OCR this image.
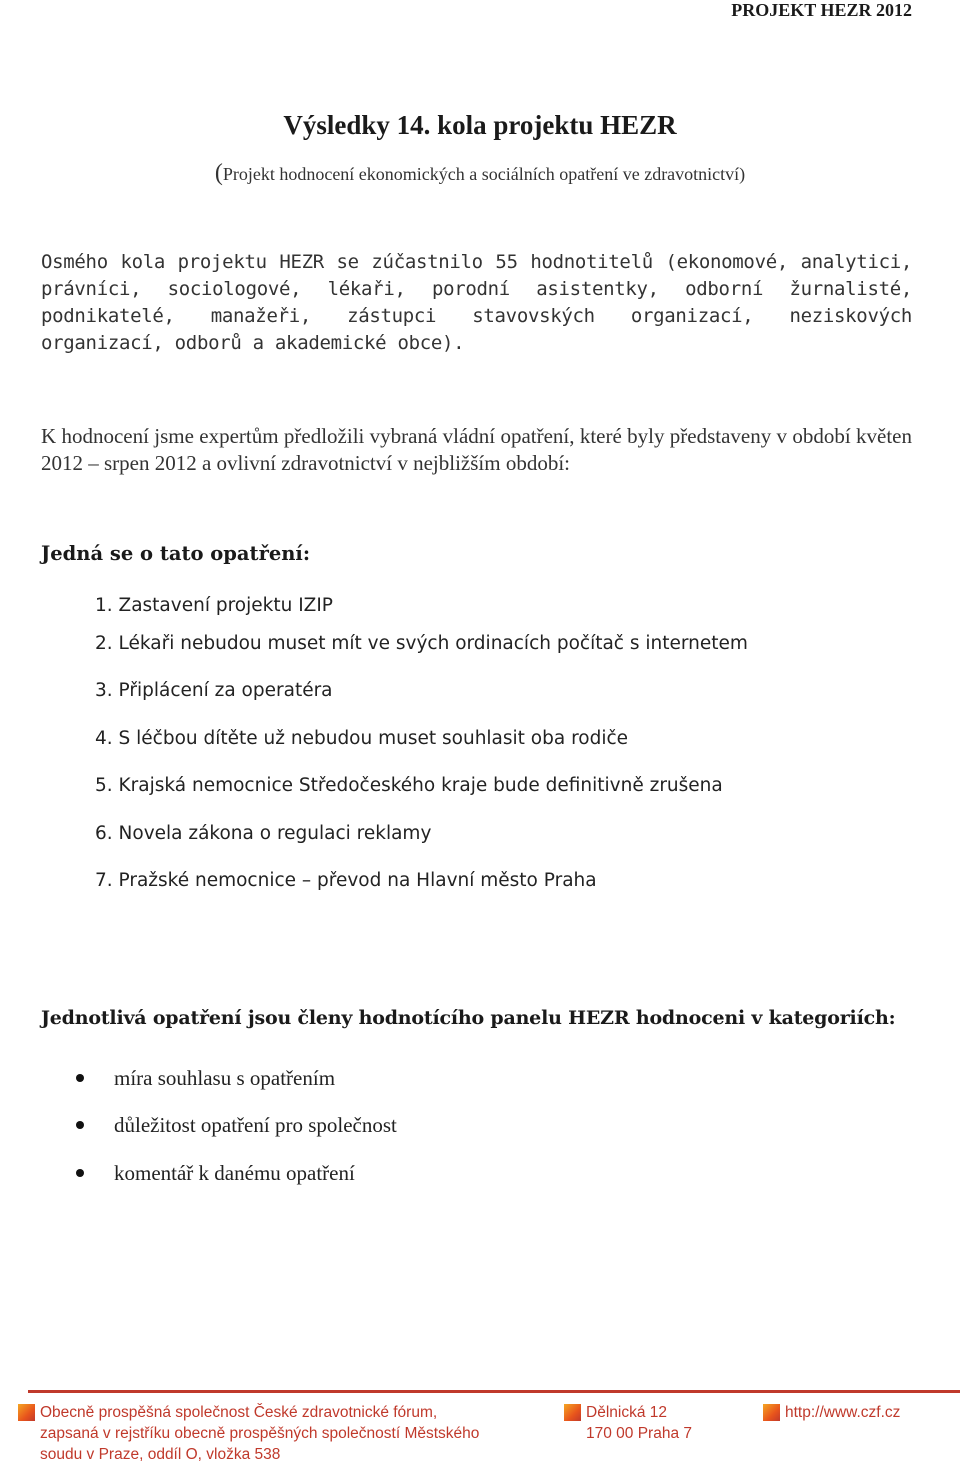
PROJEKT HEZR 2012
Výsledky 14. kola projektu HEZR
(Projekt hodnocení ekonomických a sociálních opatření ve zdravotnictví)

Osmého kola projektu HEZR se zúčastnilo 55 hodnotitelů (ekonomové, analytici, právníci, sociologové, lékaři, porodní asistentky, odborní žurnalisté, podnikatelé, manažeři, zástupci stavovských organizací, neziskových organizací, odborů a akademické obce).

K hodnocení jsme expertům předložili vybraná vládní opatření, které byly představeny v období květen 2012 – srpen 2012 a ovlivní zdravotnictví v nejbližším období:

Jedná se o tato opatření:
1. Zastavení projektu IZIP
2. Lékaři nebudou muset mít ve svých ordinacích počítač s internetem
3. Připlácení za operatéra
4. S léčbou dítěte už nebudou muset souhlasit oba rodiče
5. Krajská nemocnice Středočeského kraje bude definitivně zrušena
6. Novela zákona o regulaci reklamy
7. Pražské nemocnice – převod na Hlavní město Praha
Jednotlivá opatření jsou členy hodnotícího panelu HEZR hodnoceni v kategoriích:
míra souhlasu s opatřením
důležitost opatření pro společnost
komentář k danému opatření
Obecně prospěšná společnost České zdravotnické fórum,
zapsaná v rejstříku obecně prospěšných společností Městského
soudu v Praze, oddíl O, vložka 538
Dělnická 12
170 00 Praha 7
http://www.czf.cz
